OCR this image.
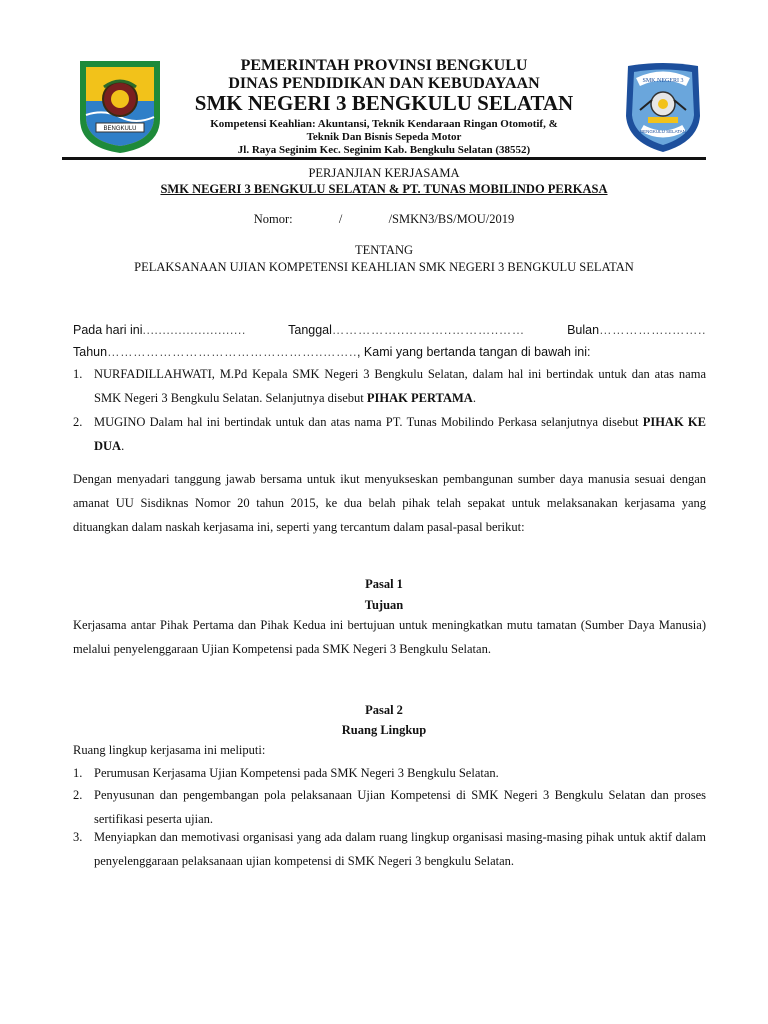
BENGKULU

PEMERINTAH PROVINSI BENGKULU

DINAS PENDIDIKAN DAN KEBUDAYAAN

SMK NEGERI 3 BENGKULU SELATAN

Kompetensi Keahlian: Akuntansi, Teknik Kendaraan Ringan Otomotif, &

Teknik Dan Bisnis Sepeda Motor

Jl. Raya Seginim Kec. Seginim Kab. Bengkulu Selatan (38552)

SMK NEGERI 3
BENGKULU SELATAN
PERJANJIAN KERJASAMA
SMK NEGERI 3 BENGKULU SELATAN & PT. TUNAS MOBILINDO PERKASA
Nomor:	/	/SMKN3/BS/MOU/2019
TENTANG
PELAKSANAAN UJIAN KOMPETENSI KEAHLIAN SMK NEGERI 3 BENGKULU SELATAN
Pada hari ini..........................	Tanggal……………..………..………..……	Bulan……………..……..
Tahun…………………………………………..…….., Kami yang bertanda tangan di bawah ini:
1. NURFADILLAHWATI, M.Pd Kepala SMK Negeri 3 Bengkulu Selatan, dalam hal ini bertindak untuk dan atas nama SMK Negeri 3 Bengkulu Selatan. Selanjutnya disebut PIHAK PERTAMA.
2. MUGINO Dalam hal ini bertindak untuk dan atas nama PT. Tunas Mobilindo Perkasa selanjutnya disebut PIHAK KE DUA.
Dengan menyadari tanggung jawab bersama untuk ikut menyukseskan pembangunan sumber daya manusia sesuai dengan amanat UU Sisdiknas Nomor 20 tahun 2015, ke dua belah pihak telah sepakat untuk melaksanakan kerjasama yang dituangkan dalam naskah kerjasama ini, seperti yang tercantum dalam pasal-pasal berikut:
Pasal 1
Tujuan
Kerjasama antar Pihak Pertama dan Pihak Kedua ini bertujuan untuk meningkatkan mutu tamatan (Sumber Daya Manusia) melalui penyelenggaraan Ujian Kompetensi pada SMK Negeri 3 Bengkulu Selatan.
Pasal 2
Ruang Lingkup
Ruang lingkup kerjasama ini meliputi:
1. Perumusan Kerjasama Ujian Kompetensi pada SMK Negeri 3 Bengkulu Selatan.
2. Penyusunan dan pengembangan pola pelaksanaan Ujian Kompetensi di SMK Negeri 3 Bengkulu Selatan dan proses sertifikasi peserta ujian.
3. Menyiapkan dan memotivasi organisasi yang ada dalam ruang lingkup organisasi masing-masing pihak untuk aktif dalam penyelenggaraan pelaksanaan ujian kompetensi di SMK Negeri 3 bengkulu Selatan.
